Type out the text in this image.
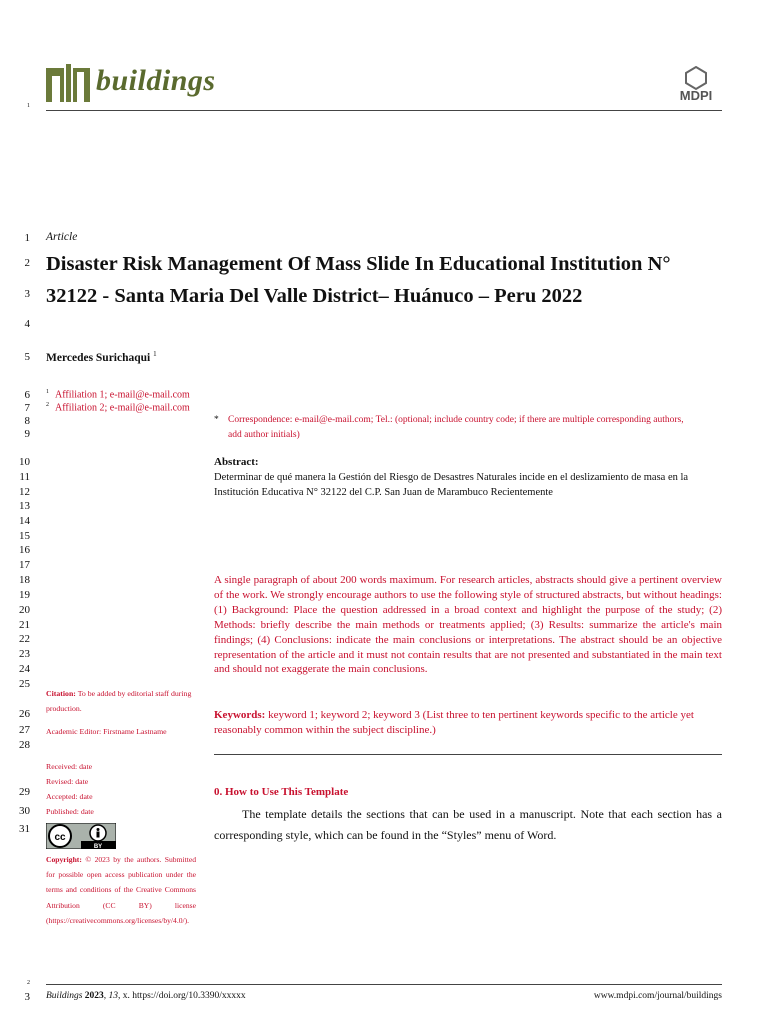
buildings	MDPI
1
1
2
3
4
5
6
7
8
9
10
11
12
13
14
15
16
17
18
19
20
21
22
23
24
25
26
27
28
29
30
31
Article
Disaster Risk Management Of Mass Slide In Educational Institution N° 32122 - Santa Maria Del Valle District– Huánuco – Peru 2022
Mercedes Surichaqui $^1$
$^1$ Affiliation 1; e-mail@e-mail.com
$^2$ Affiliation 2; e-mail@e-mail.com
* Correspondence: e-mail@e-mail.com; Tel.: (optional; include country code; if there are multiple corresponding authors, add author initials)
Abstract:
Determinar de qué manera la Gestión del Riesgo de Desastres Naturales incide en el deslizamiento de masa en la Institución Educativa N° 32122 del C.P. San Juan de Marambuco Recientemente
A single paragraph of about 200 words maximum. For research articles, abstracts should give a pertinent overview of the work. We strongly encourage authors to use the following style of structured abstracts, but without headings: (1) Background: Place the question addressed in a broad context and highlight the purpose of the study; (2) Methods: briefly describe the main methods or treatments applied; (3) Results: summarize the article's main findings; (4) Conclusions: indicate the main conclusions or interpretations. The abstract should be an objective representation of the article and it must not contain results that are not presented and substantiated in the main text and should not exaggerate the main conclusions.
Keywords: keyword 1; keyword 2; keyword 3 (List three to ten pertinent keywords specific to the article yet reasonably common within the subject discipline.)
0. How to Use This Template
The template details the sections that can be used in a manuscript. Note that each section has a corresponding style, which can be found in the “Styles” menu of Word.
Citation: To be added by editorial staff during production.
Academic Editor: Firstname Lastname
Received: date
Revised: date
Accepted: date
Published: date
cc
BY
Copyright: © 2023 by the authors. Submitted for possible open access publication under the terms and conditions of the Creative Commons Attribution (CC BY) license (https://creativecommons.org/licenses/by/4.0/).
2
3 Buildings 2023, 13, x. https://doi.org/10.3390/xxxxx	www.mdpi.com/journal/buildings
